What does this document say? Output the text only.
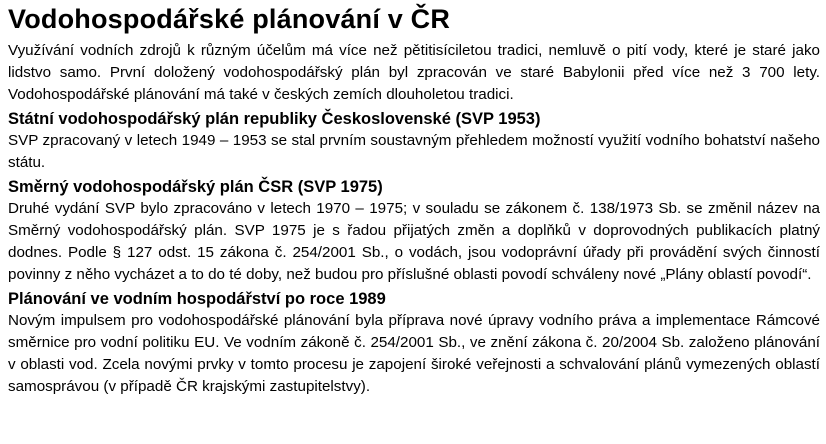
Vodohospodářské plánování v ČR

Využívání vodních zdrojů k různým účelům má více než pětitisíciletou tradici, nemluvě o pití vody, které je staré jako lidstvo samo. První doložený vodohospodářský plán byl zpracován ve staré Babylonii před více než 3 700 lety. Vodohospodářské plánování má také v českých zemích dlouholetou tradici.

Státní vodohospodářský plán republiky Československé (SVP 1953)

SVP zpracovaný v letech 1949 – 1953 se stal prvním soustavným přehledem možností využití vodního bohatství našeho státu.

Směrný vodohospodářský plán ČSR (SVP 1975)

Druhé vydání SVP bylo zpracováno v letech 1970 – 1975; v souladu se zákonem č. 138/1973 Sb. se změnil název na Směrný vodohospodářský plán. SVP 1975 je s řadou přijatých změn a doplňků v doprovodných publikacích platný dodnes. Podle § 127 odst. 15 zákona č. 254/2001 Sb., o vodách, jsou vodoprávní úřady při provádění svých činností povinny z něho vycházet a to do té doby, než budou pro příslušné oblasti povodí schváleny nové „Plány oblastí povodí“.

Plánování ve vodním hospodářství po roce 1989

Novým impulsem pro vodohospodářské plánování byla příprava nové úpravy vodního práva a implementace Rámcové směrnice pro vodní politiku EU. Ve vodním zákoně č. 254/2001 Sb., ve znění zákona č. 20/2004 Sb. založeno plánování v oblasti vod. Zcela novými prvky v tomto procesu je zapojení široké veřejnosti a schvalování plánů vymezených oblastí samosprávou (v případě ČR krajskými zastupitelstvy).
